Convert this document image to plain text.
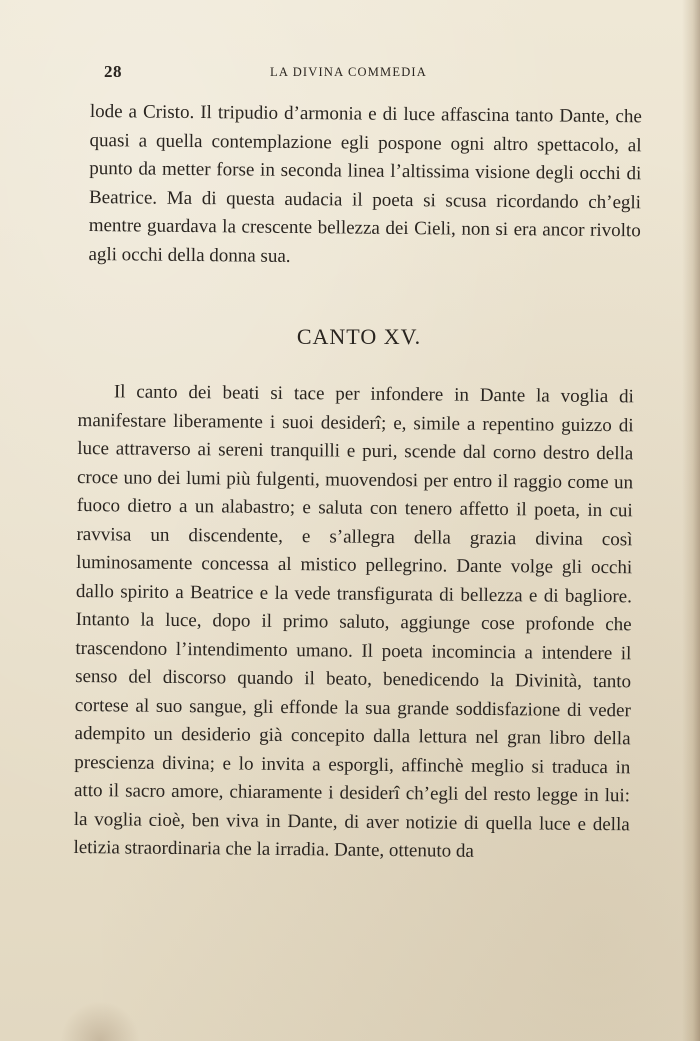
28	LA DIVINA COMMEDIA

lode a Cristo. Il tripudio d’armonia e di luce affascina tanto Dante, che quasi a quella contemplazione egli pospone ogni altro spettacolo, al punto da metter forse in seconda linea l’altissima visione degli occhi di Beatrice. Ma di questa audacia il poeta si scusa ricordando ch’egli mentre guardava la crescente bellezza dei Cieli, non si era ancor rivolto agli occhi della donna sua.

CANTO XV.

Il canto dei beati si tace per infondere in Dante la voglia di manifestare liberamente i suoi desiderî; e, simile a repentino guizzo di luce attraverso ai sereni tranquilli e puri, scende dal corno destro della croce uno dei lumi più fulgenti, muovendosi per entro il raggio come un fuoco dietro a un alabastro; e saluta con tenero affetto il poeta, in cui ravvisa un discendente, e s’allegra della grazia divina così luminosamente concessa al mistico pellegrino. Dante volge gli occhi dallo spirito a Beatrice e la vede transfigurata di bellezza e di bagliore. Intanto la luce, dopo il primo saluto, aggiunge cose profonde che trascendono l’intendimento umano. Il poeta incomincia a intendere il senso del discorso quando il beato, benedicendo la Divinità, tanto cortese al suo sangue, gli effonde la sua grande soddisfazione di veder adempito un desiderio già concepito dalla lettura nel gran libro della prescienza divina; e lo invita a esporgli, affinchè meglio si traduca in atto il sacro amore, chiaramente i desiderî ch’egli del resto legge in lui: la voglia cioè, ben viva in Dante, di aver notizie di quella luce e della letizia straordinaria che la irradia. Dante, ottenuto da
